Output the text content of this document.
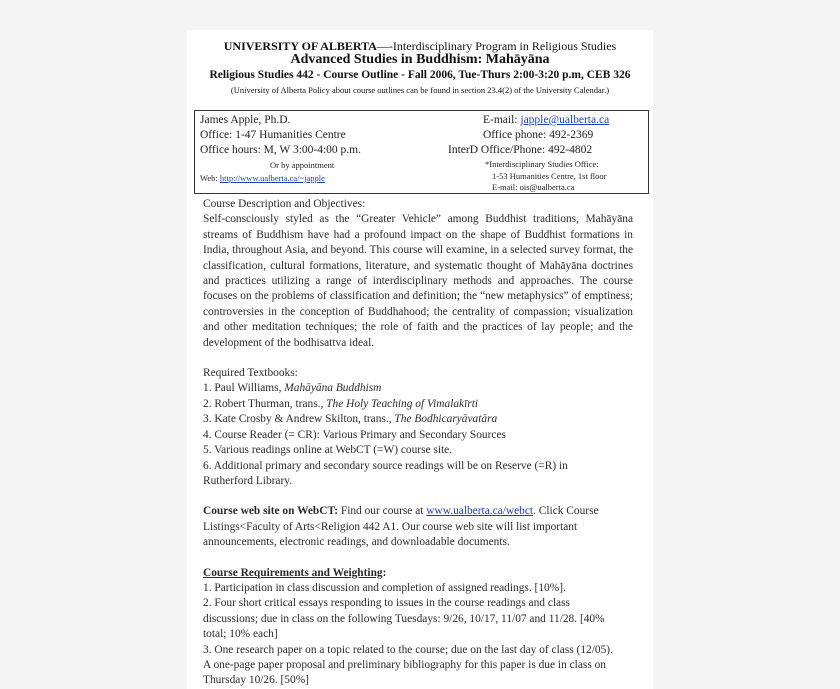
UNIVERSITY OF ALBERTA—-Interdisciplinary Program in Religious Studies
Advanced Studies in Buddhism: Mahāyāna
Religious Studies 442 - Course Outline - Fall 2006, Tue-Thurs 2:00-3:20 p.m, CEB 326
(University of Alberta Policy about course outlines can be found in section 23.4(2) of the University Calendar.)
James Apple, Ph.D.
Office: 1-47 Humanities Centre
Office hours: M, W 3:00-4:00 p.m.
Or by appointment
Web: http://www.ualberta.ca/~japple
E-mail: japple@ualberta.ca
Office phone: 492-2369
InterD Office/Phone: 492-4802
*Interdisciplinary Studies Office:
1-53 Humanities Centre, 1st floor
E-mail: ois@ualberta.ca
Course Description and Objectives:
Self-consciously styled as the “Greater Vehicle” among Buddhist traditions, Mahāyāna streams of Buddhism have had a profound impact on the shape of Buddhist formations in India, throughout Asia, and beyond. This course will examine, in a selected survey format, the classification, cultural formations, literature, and systematic thought of Mahāyāna doctrines and practices utilizing a range of interdisciplinary methods and approaches. The course focuses on the problems of classification and definition; the “new metaphysics” of emptiness; controversies in the conception of Buddhahood; the centrality of compassion; visualization and other meditation techniques; the role of faith and the practices of lay people; and the development of the bodhisattva ideal.
Required Textbooks:
1. Paul Williams, Mahāyāna Buddhism
2. Robert Thurman, trans., The Holy Teaching of Vimalakīrti
3. Kate Crosby & Andrew Skilton, trans., The Bodhicaryāvatāra
4. Course Reader (= CR): Various Primary and Secondary Sources
5. Various readings online at WebCT (=W) course site.
6. Additional primary and secondary source readings will be on Reserve (=R) in
Rutherford Library.
Course web site on WebCT: Find our course at www.ualberta.ca/webct. Click Course
Listings<Faculty of Arts<Religion 442 A1. Our course web site will list important
announcements, electronic readings, and downloadable documents.
Course Requirements and Weighting:
1. Participation in class discussion and completion of assigned readings. [10%].
2. Four short critical essays responding to issues in the course readings and class
discussions; due in class on the following Tuesdays: 9/26, 10/17, 11/07 and 11/28. [40%
total; 10% each]
3. One research paper on a topic related to the course; due on the last day of class (12/05).
A one-page paper proposal and preliminary bibliography for this paper is due in class on
Thursday 10/26. [50%]
